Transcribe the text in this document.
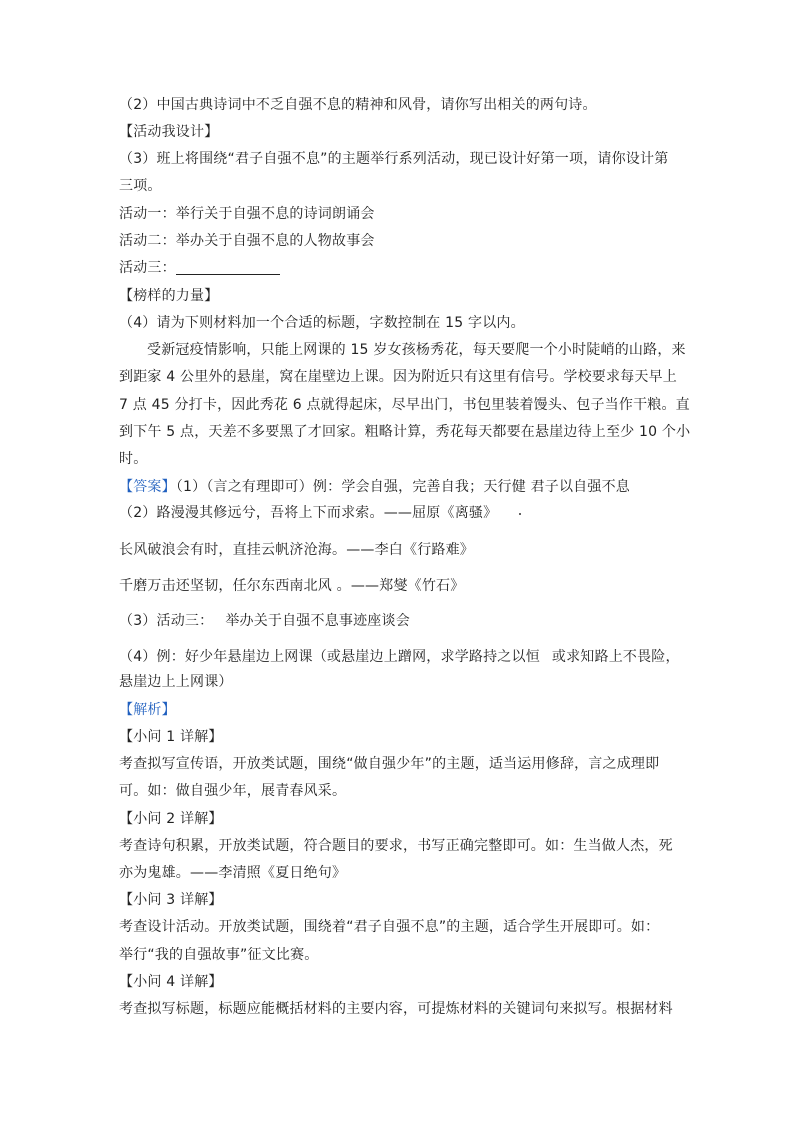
（2）中国古典诗词中不乏自强不息的精神和风骨，请你写出相关的两句诗。
【活动我设计】
（3）班上将围绕“君子自强不息”的主题举行系列活动，现已设计好第一项，请你设计第
三项。
活动一：举行关于自强不息的诗词朗诵会
活动二：举办关于自强不息的人物故事会
活动三：
【榜样的力量】
（4）请为下则材料加一个合适的标题，字数控制在 15 字以内。
受新冠疫情影响，只能上网课的 15 岁女孩杨秀花，每天要爬一个小时陡峭的山路，来
到距家 4 公里外的悬崖，窝在崖壁边上课。因为附近只有这里有信号。学校要求每天早上
7 点 45 分打卡，因此秀花 6 点就得起床，尽早出门，书包里装着馒头、包子当作干粮。直
到下午 5 点，天差不多要黑了才回家。粗略计算，秀花每天都要在悬崖边待上至少 10 个小
时。
【答案】（1）（言之有理即可）例：学会自强，完善自我；天行健 君子以自强不息
（2）路漫漫其修远兮，吾将上下而求索。——屈原《离骚》
长风破浪会有时，直挂云帆济沧海。——李白《行路难》
千磨万击还坚韧，任尔东西南北风 。——郑燮《竹石》
（3）活动三： 举办关于自强不息事迹座谈会
（4）例：好少年悬崖边上网课（或悬崖边上蹭网，求学路持之以恒 或求知路上不畏险，
悬崖边上上网课）
【解析】
【小问 1 详解】
考查拟写宣传语，开放类试题，围绕“做自强少年”的主题，适当运用修辞，言之成理即
可。如：做自强少年，展青春风采。
【小问 2 详解】
考查诗句积累，开放类试题，符合题目的要求，书写正确完整即可。如：生当做人杰，死
亦为鬼雄。——李清照《夏日绝句》
【小问 3 详解】
考查设计活动。开放类试题，围绕着“君子自强不息”的主题，适合学生开展即可。如：
举行“我的自强故事”征文比赛。
【小问 4 详解】
考查拟写标题，标题应能概括材料的主要内容，可提炼材料的关键词句来拟写。根据材料
